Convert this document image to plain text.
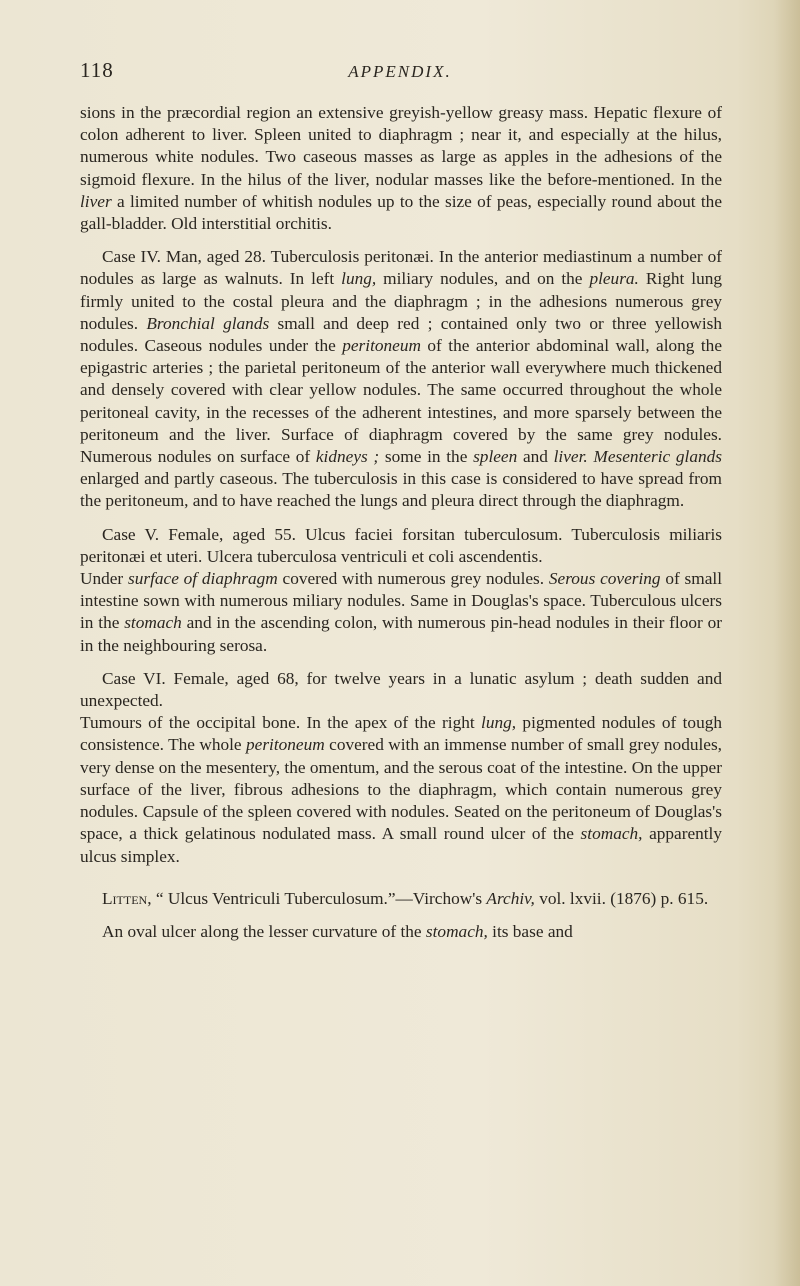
118	APPENDIX.

sions in the præcordial region an extensive greyish-yellow greasy mass. Hepatic flexure of colon adherent to liver. Spleen united to diaphragm ; near it, and especially at the hilus, numerous white nodules. Two caseous masses as large as apples in the adhesions of the sigmoid flexure. In the hilus of the liver, nodular masses like the before-mentioned. In the liver a limited number of whitish nodules up to the size of peas, especially round about the gall-bladder. Old interstitial orchitis.

Case IV. Man, aged 28. Tuberculosis peritonæi. In the anterior mediastinum a number of nodules as large as walnuts. In left lung, miliary nodules, and on the pleura. Right lung firmly united to the costal pleura and the diaphragm ; in the adhesions numerous grey nodules. Bronchial glands small and deep red ; contained only two or three yellowish nodules. Caseous nodules under the peritoneum of the anterior abdominal wall, along the epigastric arteries ; the parietal peritoneum of the anterior wall everywhere much thickened and densely covered with clear yellow nodules. The same occurred throughout the whole peritoneal cavity, in the recesses of the adherent intestines, and more sparsely between the peritoneum and the liver. Surface of diaphragm covered by the same grey nodules. Numerous nodules on surface of kidneys ; some in the spleen and liver. Mesenteric glands enlarged and partly caseous. The tuberculosis in this case is considered to have spread from the peritoneum, and to have reached the lungs and pleura direct through the diaphragm.

Case V. Female, aged 55. Ulcus faciei forsitan tuberculosum. Tuberculosis miliaris peritonæi et uteri. Ulcera tuberculosa ventriculi et coli ascendentis.

Under surface of diaphragm covered with numerous grey nodules. Serous covering of small intestine sown with numerous miliary nodules. Same in Douglas's space. Tuberculous ulcers in the stomach and in the ascending colon, with numerous pin-head nodules in their floor or in the neighbouring serosa.

Case VI. Female, aged 68, for twelve years in a lunatic asylum ; death sudden and unexpected.

Tumours of the occipital bone. In the apex of the right lung, pigmented nodules of tough consistence. The whole peritoneum covered with an immense number of small grey nodules, very dense on the mesentery, the omentum, and the serous coat of the intestine. On the upper surface of the liver, fibrous adhesions to the diaphragm, which contain numerous grey nodules. Capsule of the spleen covered with nodules. Seated on the peritoneum of Douglas's space, a thick gelatinous nodulated mass. A small round ulcer of the stomach, apparently ulcus simplex.

Litten, “ Ulcus Ventriculi Tuberculosum.”—Virchow's Archiv, vol. lxvii. (1876) p. 615.

An oval ulcer along the lesser curvature of the stomach, its base and
